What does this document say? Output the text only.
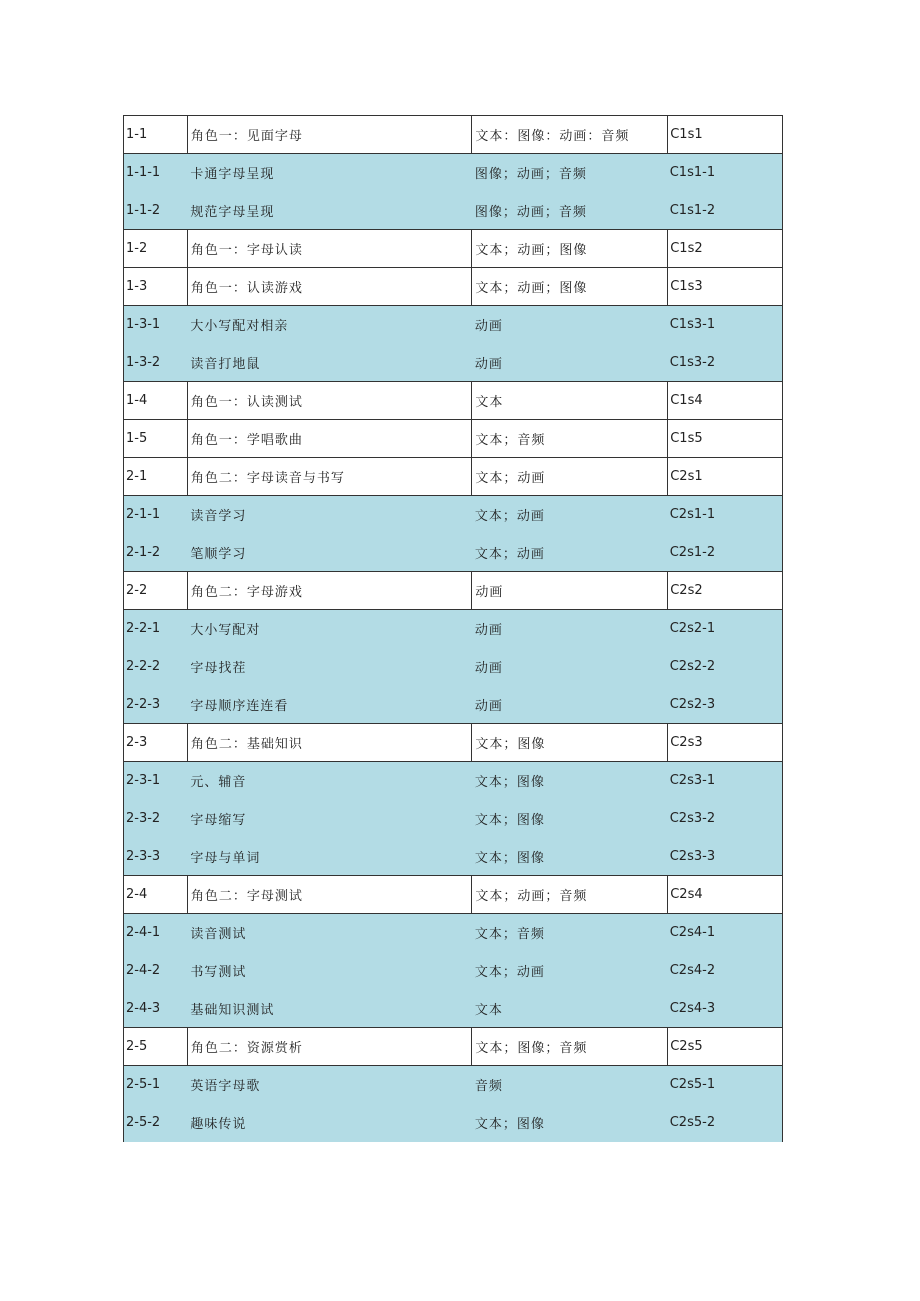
1-1	角色一：见面字母	文本：图像：动画：音频	C1s1
1-1-1	卡通字母呈现	图像；动画；音频	C1s1-1
1-1-2	规范字母呈现	图像；动画；音频	C1s1-2
1-2	角色一：字母认读	文本；动画；图像	C1s2
1-3	角色一：认读游戏	文本；动画；图像	C1s3
1-3-1	大小写配对相亲	动画	C1s3-1
1-3-2	读音打地鼠	动画	C1s3-2
1-4	角色一：认读测试	文本	C1s4
1-5	角色一：学唱歌曲	文本；音频	C1s5
2-1	角色二：字母读音与书写	文本；动画	C2s1
2-1-1	读音学习	文本；动画	C2s1-1
2-1-2	笔顺学习	文本；动画	C2s1-2
2-2	角色二：字母游戏	动画	C2s2
2-2-1	大小写配对	动画	C2s2-1
2-2-2	字母找茬	动画	C2s2-2
2-2-3	字母顺序连连看	动画	C2s2-3
2-3	角色二：基础知识	文本；图像	C2s3
2-3-1	元、辅音	文本；图像	C2s3-1
2-3-2	字母缩写	文本；图像	C2s3-2
2-3-3	字母与单词	文本；图像	C2s3-3
2-4	角色二：字母测试	文本；动画；音频	C2s4
2-4-1	读音测试	文本；音频	C2s4-1
2-4-2	书写测试	文本；动画	C2s4-2
2-4-3	基础知识测试	文本	C2s4-3
2-5	角色二：资源赏析	文本；图像；音频	C2s5
2-5-1	英语字母歌	音频	C2s5-1
2-5-2	趣味传说	文本；图像	C2s5-2
